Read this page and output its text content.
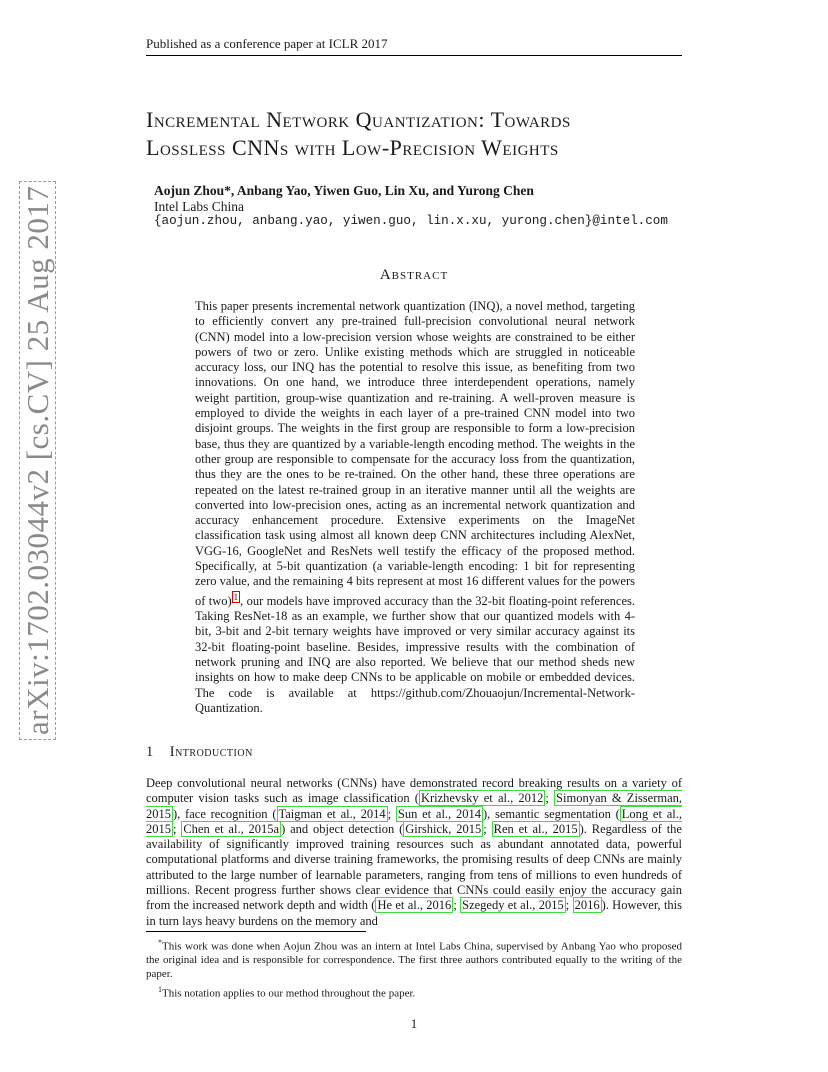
Published as a conference paper at ICLR 2017
arXiv:1702.03044v2 [cs.CV] 25 Aug 2017
Incremental Network Quantization: Towards
Lossless CNNs with Low-Precision Weights
Aojun Zhou*, Anbang Yao, Yiwen Guo, Lin Xu, and Yurong Chen
Intel Labs China
{aojun.zhou, anbang.yao, yiwen.guo, lin.x.xu, yurong.chen}@intel.com
Abstract
This paper presents incremental network quantization (INQ), a novel method, targeting to efficiently convert any pre-trained full-precision convolutional neural network (CNN) model into a low-precision version whose weights are constrained to be either powers of two or zero. Unlike existing methods which are struggled in noticeable accuracy loss, our INQ has the potential to resolve this issue, as benefiting from two innovations. On one hand, we introduce three interdependent operations, namely weight partition, group-wise quantization and re-training. A well-proven measure is employed to divide the weights in each layer of a pre-trained CNN model into two disjoint groups. The weights in the first group are responsible to form a low-precision base, thus they are quantized by a variable-length encoding method. The weights in the other group are responsible to compensate for the accuracy loss from the quantization, thus they are the ones to be re-trained. On the other hand, these three operations are repeated on the latest re-trained group in an iterative manner until all the weights are converted into low-precision ones, acting as an incremental network quantization and accuracy enhancement procedure. Extensive experiments on the ImageNet classification task using almost all known deep CNN architectures including AlexNet, VGG-16, GoogleNet and ResNets well testify the efficacy of the proposed method. Specifically, at 5-bit quantization (a variable-length encoding: 1 bit for representing zero value, and the remaining 4 bits represent at most 16 different values for the powers of two) $^1$ , our models have improved accuracy than the 32-bit floating-point references. Taking ResNet-18 as an example, we further show that our quantized models with 4-bit, 3-bit and 2-bit ternary weights have improved or very similar accuracy against its 32-bit floating-point baseline. Besides, impressive results with the combination of network pruning and INQ are also reported. We believe that our method sheds new insights on how to make deep CNNs to be applicable on mobile or embedded devices. The code is available at https://github.com/Zhouaojun/Incremental-Network-Quantization.
1 Introduction
Deep convolutional neural networks (CNNs) have demonstrated record breaking results on a variety of computer vision tasks such as image classification ( Krizhevsky et al., 2012 ; Simonyan & Zisserman, 2015 ), face recognition ( Taigman et al., 2014 ; Sun et al., 2014 ), semantic segmentation ( Long et al., 2015 ; Chen et al., 2015a ) and object detection ( Girshick, 2015 ; Ren et al., 2015 ). Regardless of the availability of significantly improved training resources such as abundant annotated data, powerful computational platforms and diverse training frameworks, the promising results of deep CNNs are mainly attributed to the large number of learnable parameters, ranging from tens of millions to even hundreds of millions. Recent progress further shows clear evidence that CNNs could easily enjoy the accuracy gain from the increased network depth and width ( He et al., 2016 ; Szegedy et al., 2015 ; 2016 ). However, this in turn lays heavy burdens on the memory and

*This work was done when Aojun Zhou was an intern at Intel Labs China, supervised by Anbang Yao who proposed the original idea and is responsible for correspondence. The first three authors contributed equally to the writing of the paper.

$^1$This notation applies to our method throughout the paper.

1
